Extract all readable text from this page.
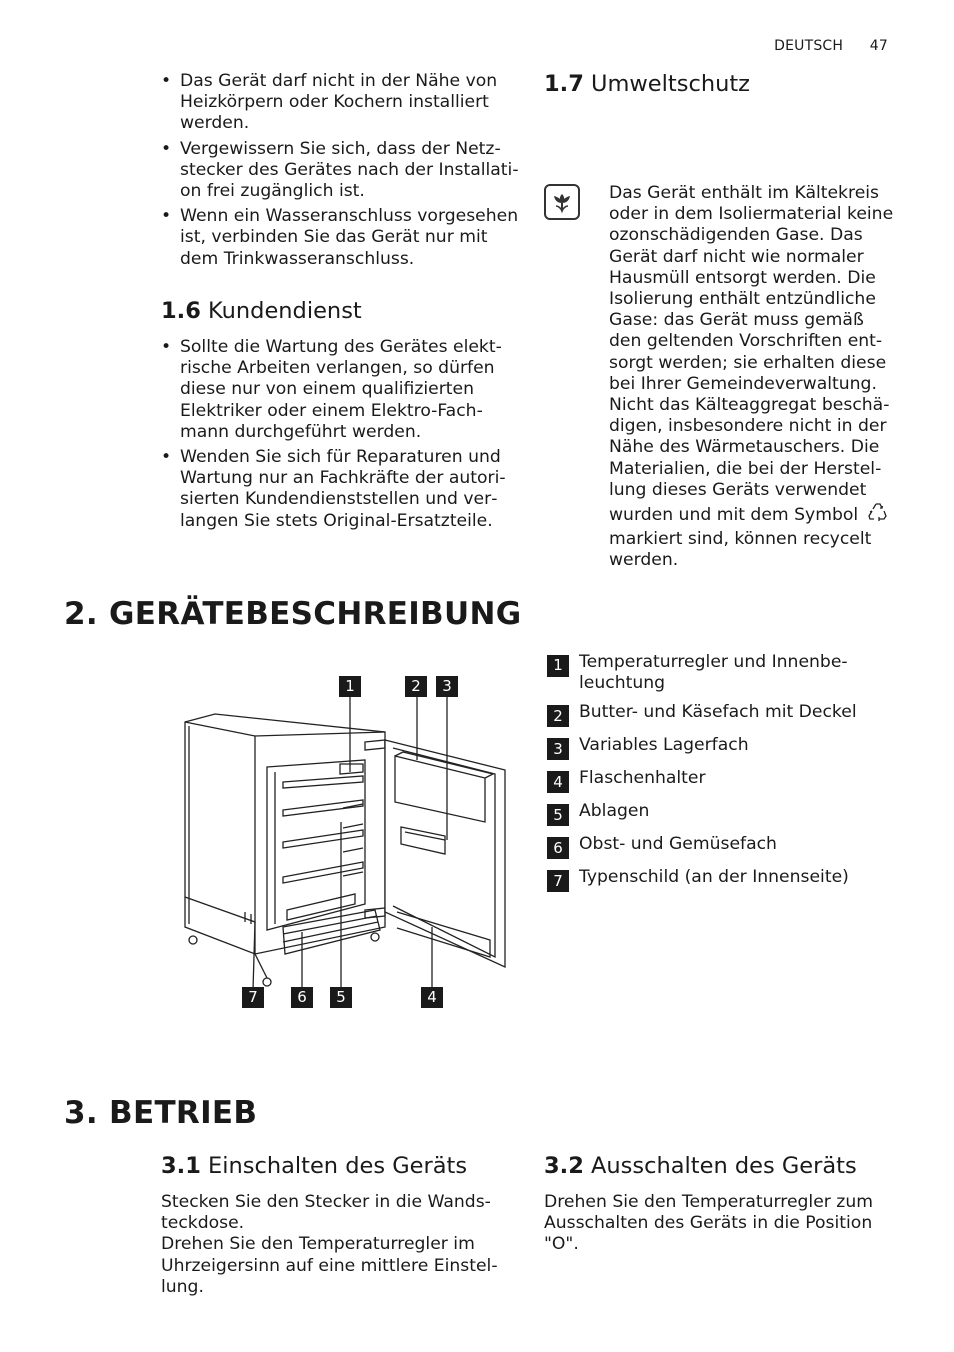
DEUTSCH 47
• Das Gerät darf nicht in der Nähe von Heizkörpern oder Kochern installiert werden.
• Vergewissern Sie sich, dass der Netzstecker des Gerätes nach der Installation frei zugänglich ist.
• Wenn ein Wasseranschluss vorgesehen ist, verbinden Sie das Gerät nur mit dem Trinkwasseranschluss.
1.6 Kundendienst
• Sollte die Wartung des Gerätes elektrische Arbeiten verlangen, so dürfen diese nur von einem qualifizierten Elektriker oder einem Elektro-Fachmann durchgeführt werden.
• Wenden Sie sich für Reparaturen und Wartung nur an Fachkräfte der autorisierten Kundendienststellen und verlangen Sie stets Original-Ersatzteile.
1.7 Umweltschutz
Das Gerät enthält im Kältekreis oder in dem Isoliermaterial keine ozonschädigenden Gase. Das Gerät darf nicht wie normaler Hausmüll entsorgt werden. Die Isolierung enthält entzündliche Gase: das Gerät muss gemäß den geltenden Vorschriften entsorgt werden; sie erhalten diese bei Ihrer Gemeindeverwaltung. Nicht das Kälteaggregat beschädigen, insbesondere nicht in der Nähe des Wärmetauschers. Die Materialien, die bei der Herstellung dieses Geräts verwendet wurden und mit dem Symbol
markiert sind, können recycelt werden.
2. GERÄTEBESCHREIBUNG
1	2	3
7	6	5	4
1 Temperaturregler und Innenbeleuchtung
2 Butter- und Käsefach mit Deckel
3 Variables Lagerfach
4 Flaschenhalter
5 Ablagen
6 Obst- und Gemüsefach
7 Typenschild (an der Innenseite)
3. BETRIEB
3.1 Einschalten des Geräts

Stecken Sie den Stecker in die Wandsteckdose.

Drehen Sie den Temperaturregler im Uhrzeigersinn auf eine mittlere Einstellung.

3.2 Ausschalten des Geräts

Drehen Sie den Temperaturregler zum Ausschalten des Geräts in die Position "O".
